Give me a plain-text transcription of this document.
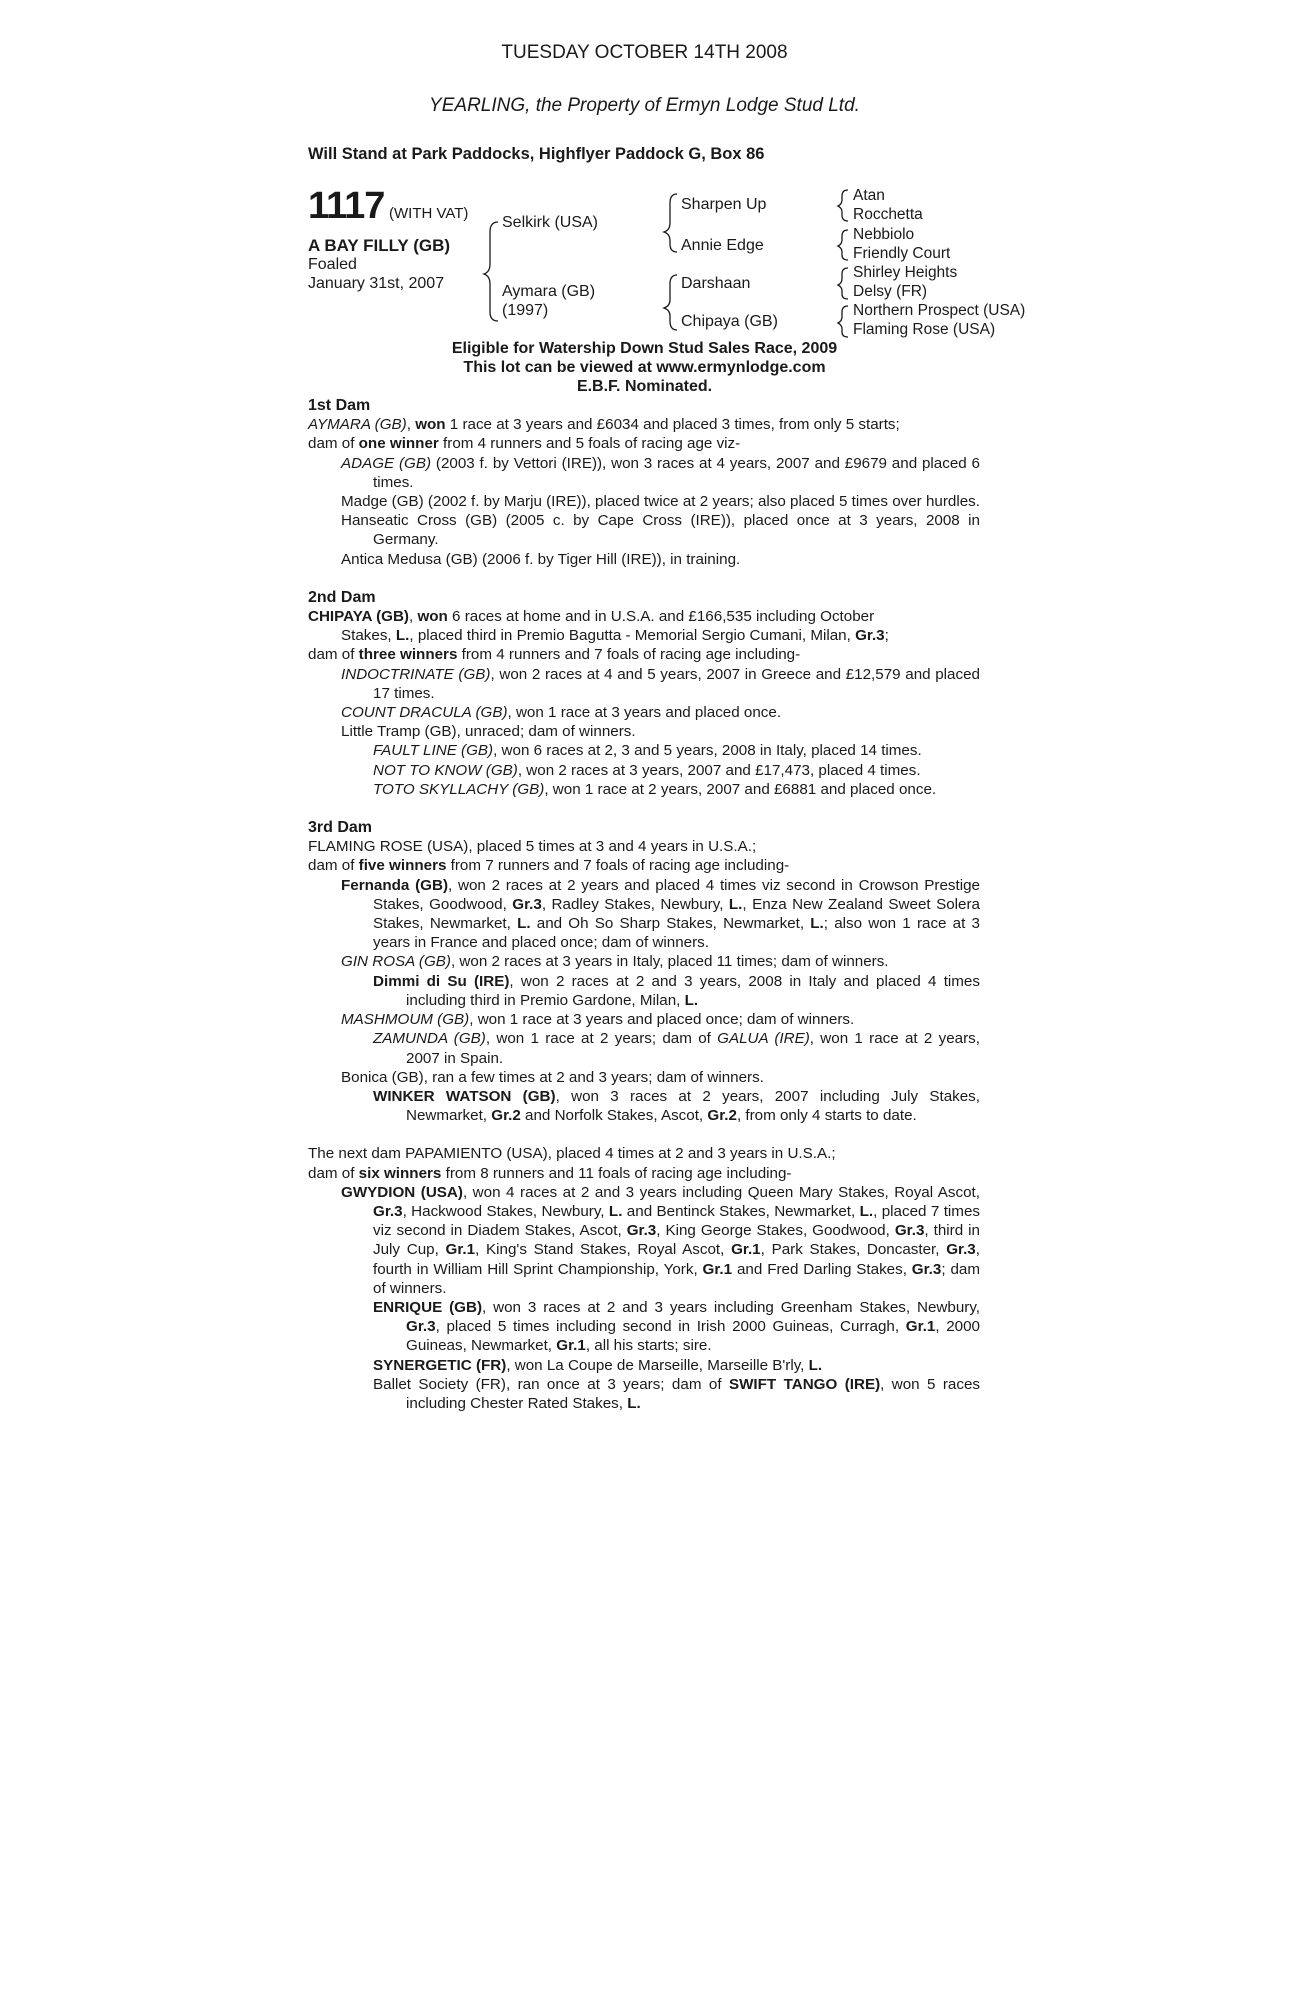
TUESDAY OCTOBER 14TH 2008
YEARLING, the Property of Ermyn Lodge Stud Ltd.
Will Stand at Park Paddocks, Highflyer Paddock G, Box 86
1117 (WITH VAT)
A BAY FILLY (GB)
Foaled
January 31st, 2007
Selkirk (USA)
Aymara (GB)
(1997)
Sharpen Up
Annie Edge
Darshaan
Chipaya (GB)
Atan
Rocchetta
Nebbiolo
Friendly Court
Shirley Heights
Delsy (FR)
Northern Prospect (USA)
Flaming Rose (USA)
Eligible for Watership Down Stud Sales Race, 2009
This lot can be viewed at www.ermynlodge.com
E.B.F. Nominated.
1st Dam
AYMARA (GB), won 1 race at 3 years and £6034 and placed 3 times, from only 5 starts;
dam of one winner from 4 runners and 5 foals of racing age viz-
ADAGE (GB) (2003 f. by Vettori (IRE)), won 3 races at 4 years, 2007 and £9679 and placed 6 times.
Madge (GB) (2002 f. by Marju (IRE)), placed twice at 2 years; also placed 5 times over hurdles.
Hanseatic Cross (GB) (2005 c. by Cape Cross (IRE)), placed once at 3 years, 2008 in Germany.
Antica Medusa (GB) (2006 f. by Tiger Hill (IRE)), in training.
2nd Dam
CHIPAYA (GB), won 6 races at home and in U.S.A. and £166,535 including October
Stakes, L., placed third in Premio Bagutta - Memorial Sergio Cumani, Milan, Gr.3;
dam of three winners from 4 runners and 7 foals of racing age including-
INDOCTRINATE (GB), won 2 races at 4 and 5 years, 2007 in Greece and £12,579 and placed 17 times.
COUNT DRACULA (GB), won 1 race at 3 years and placed once.
Little Tramp (GB), unraced; dam of winners.
FAULT LINE (GB), won 6 races at 2, 3 and 5 years, 2008 in Italy, placed 14 times.
NOT TO KNOW (GB), won 2 races at 3 years, 2007 and £17,473, placed 4 times.
TOTO SKYLLACHY (GB), won 1 race at 2 years, 2007 and £6881 and placed once.
3rd Dam
FLAMING ROSE (USA), placed 5 times at 3 and 4 years in U.S.A.;
dam of five winners from 7 runners and 7 foals of racing age including-
Fernanda (GB), won 2 races at 2 years and placed 4 times viz second in Crowson Prestige Stakes, Goodwood, Gr.3, Radley Stakes, Newbury, L., Enza New Zealand Sweet Solera Stakes, Newmarket, L. and Oh So Sharp Stakes, Newmarket, L.; also won 1 race at 3 years in France and placed once; dam of winners.
GIN ROSA (GB), won 2 races at 3 years in Italy, placed 11 times; dam of winners.
Dimmi di Su (IRE), won 2 races at 2 and 3 years, 2008 in Italy and placed 4 times including third in Premio Gardone, Milan, L.
MASHMOUM (GB), won 1 race at 3 years and placed once; dam of winners.
ZAMUNDA (GB), won 1 race at 2 years; dam of GALUA (IRE), won 1 race at 2 years, 2007 in Spain.
Bonica (GB), ran a few times at 2 and 3 years; dam of winners.
WINKER WATSON (GB), won 3 races at 2 years, 2007 including July Stakes, Newmarket, Gr.2 and Norfolk Stakes, Ascot, Gr.2, from only 4 starts to date.
The next dam PAPAMIENTO (USA), placed 4 times at 2 and 3 years in U.S.A.;
dam of six winners from 8 runners and 11 foals of racing age including-
GWYDION (USA), won 4 races at 2 and 3 years including Queen Mary Stakes, Royal Ascot, Gr.3, Hackwood Stakes, Newbury, L. and Bentinck Stakes, Newmarket, L., placed 7 times viz second in Diadem Stakes, Ascot, Gr.3, King George Stakes, Goodwood, Gr.3, third in July Cup, Gr.1, King's Stand Stakes, Royal Ascot, Gr.1, Park Stakes, Doncaster, Gr.3, fourth in William Hill Sprint Championship, York, Gr.1 and Fred Darling Stakes, Gr.3; dam of winners.
ENRIQUE (GB), won 3 races at 2 and 3 years including Greenham Stakes, Newbury, Gr.3, placed 5 times including second in Irish 2000 Guineas, Curragh, Gr.1, 2000 Guineas, Newmarket, Gr.1, all his starts; sire.
SYNERGETIC (FR), won La Coupe de Marseille, Marseille B'rly, L.
Ballet Society (FR), ran once at 3 years; dam of SWIFT TANGO (IRE), won 5 races including Chester Rated Stakes, L.
